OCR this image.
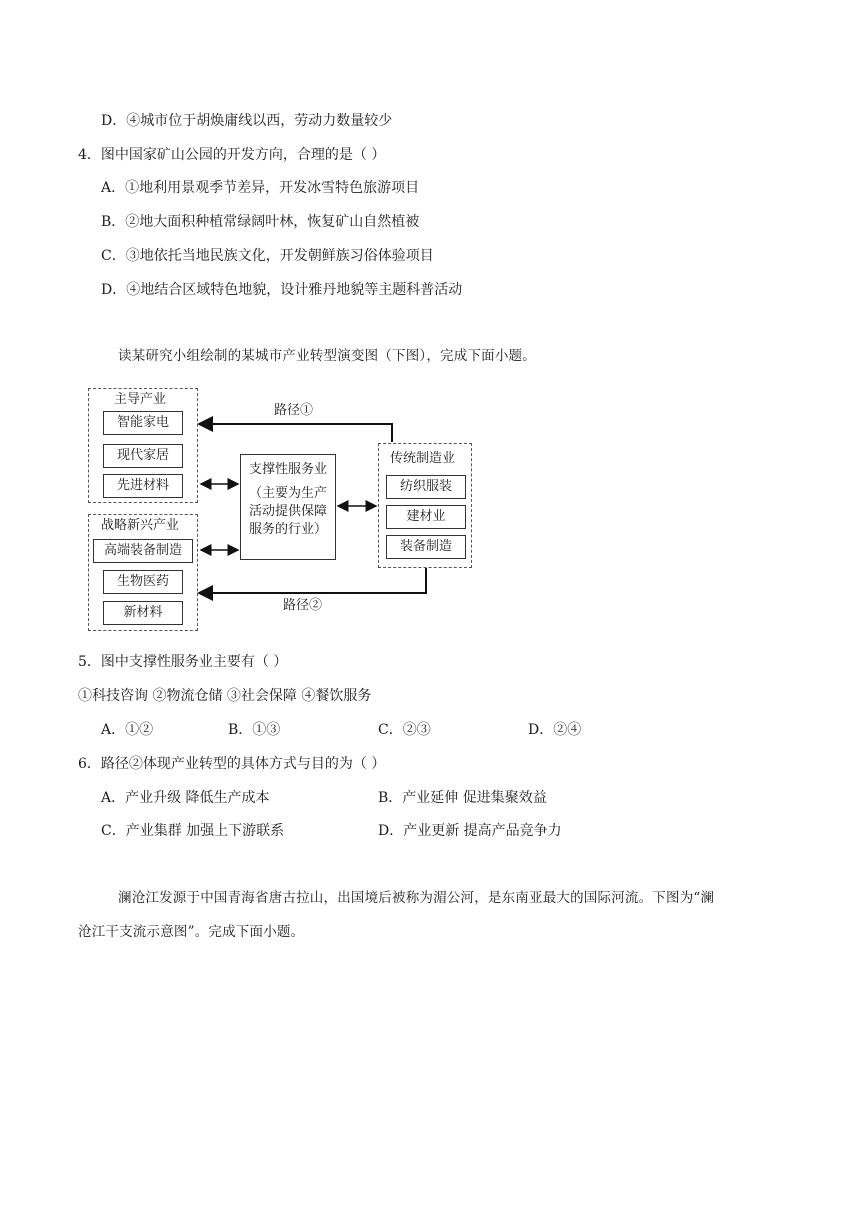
D．④城市位于胡焕庸线以西，劳动力数量较少
4．图中国家矿山公园的开发方向，合理的是（ ）
A．①地利用景观季节差异，开发冰雪特色旅游项目
B．②地大面积种植常绿阔叶林，恢复矿山自然植被
C．③地依托当地民族文化，开发朝鲜族习俗体验项目
D．④地结合区域特色地貌，设计雅丹地貌等主题科普活动
读某研究小组绘制的某城市产业转型演变图（下图），完成下面小题。
主导产业
智能家电
现代家居
先进材料
战略新兴产业
高端装备制造
生物医药
新材料
支撑性服务业
（主要为生产
活动提供保障
服务的行业）
传统制造业
纺织服装
建材业
装备制造
路径①
路径②
5．图中支撑性服务业主要有（ ）
①科技咨询 ②物流仓储 ③社会保障 ④餐饮服务
A．①②	B．①③	C．②③	D．②④
6．路径②体现产业转型的具体方式与目的为（ ）
A．产业升级 降低生产成本	B．产业延伸 促进集聚效益
C．产业集群 加强上下游联系	D．产业更新 提高产品竞争力
澜沧江发源于中国青海省唐古拉山，出国境后被称为湄公河，是东南亚最大的国际河流。下图为“澜
沧江干支流示意图”。完成下面小题。
